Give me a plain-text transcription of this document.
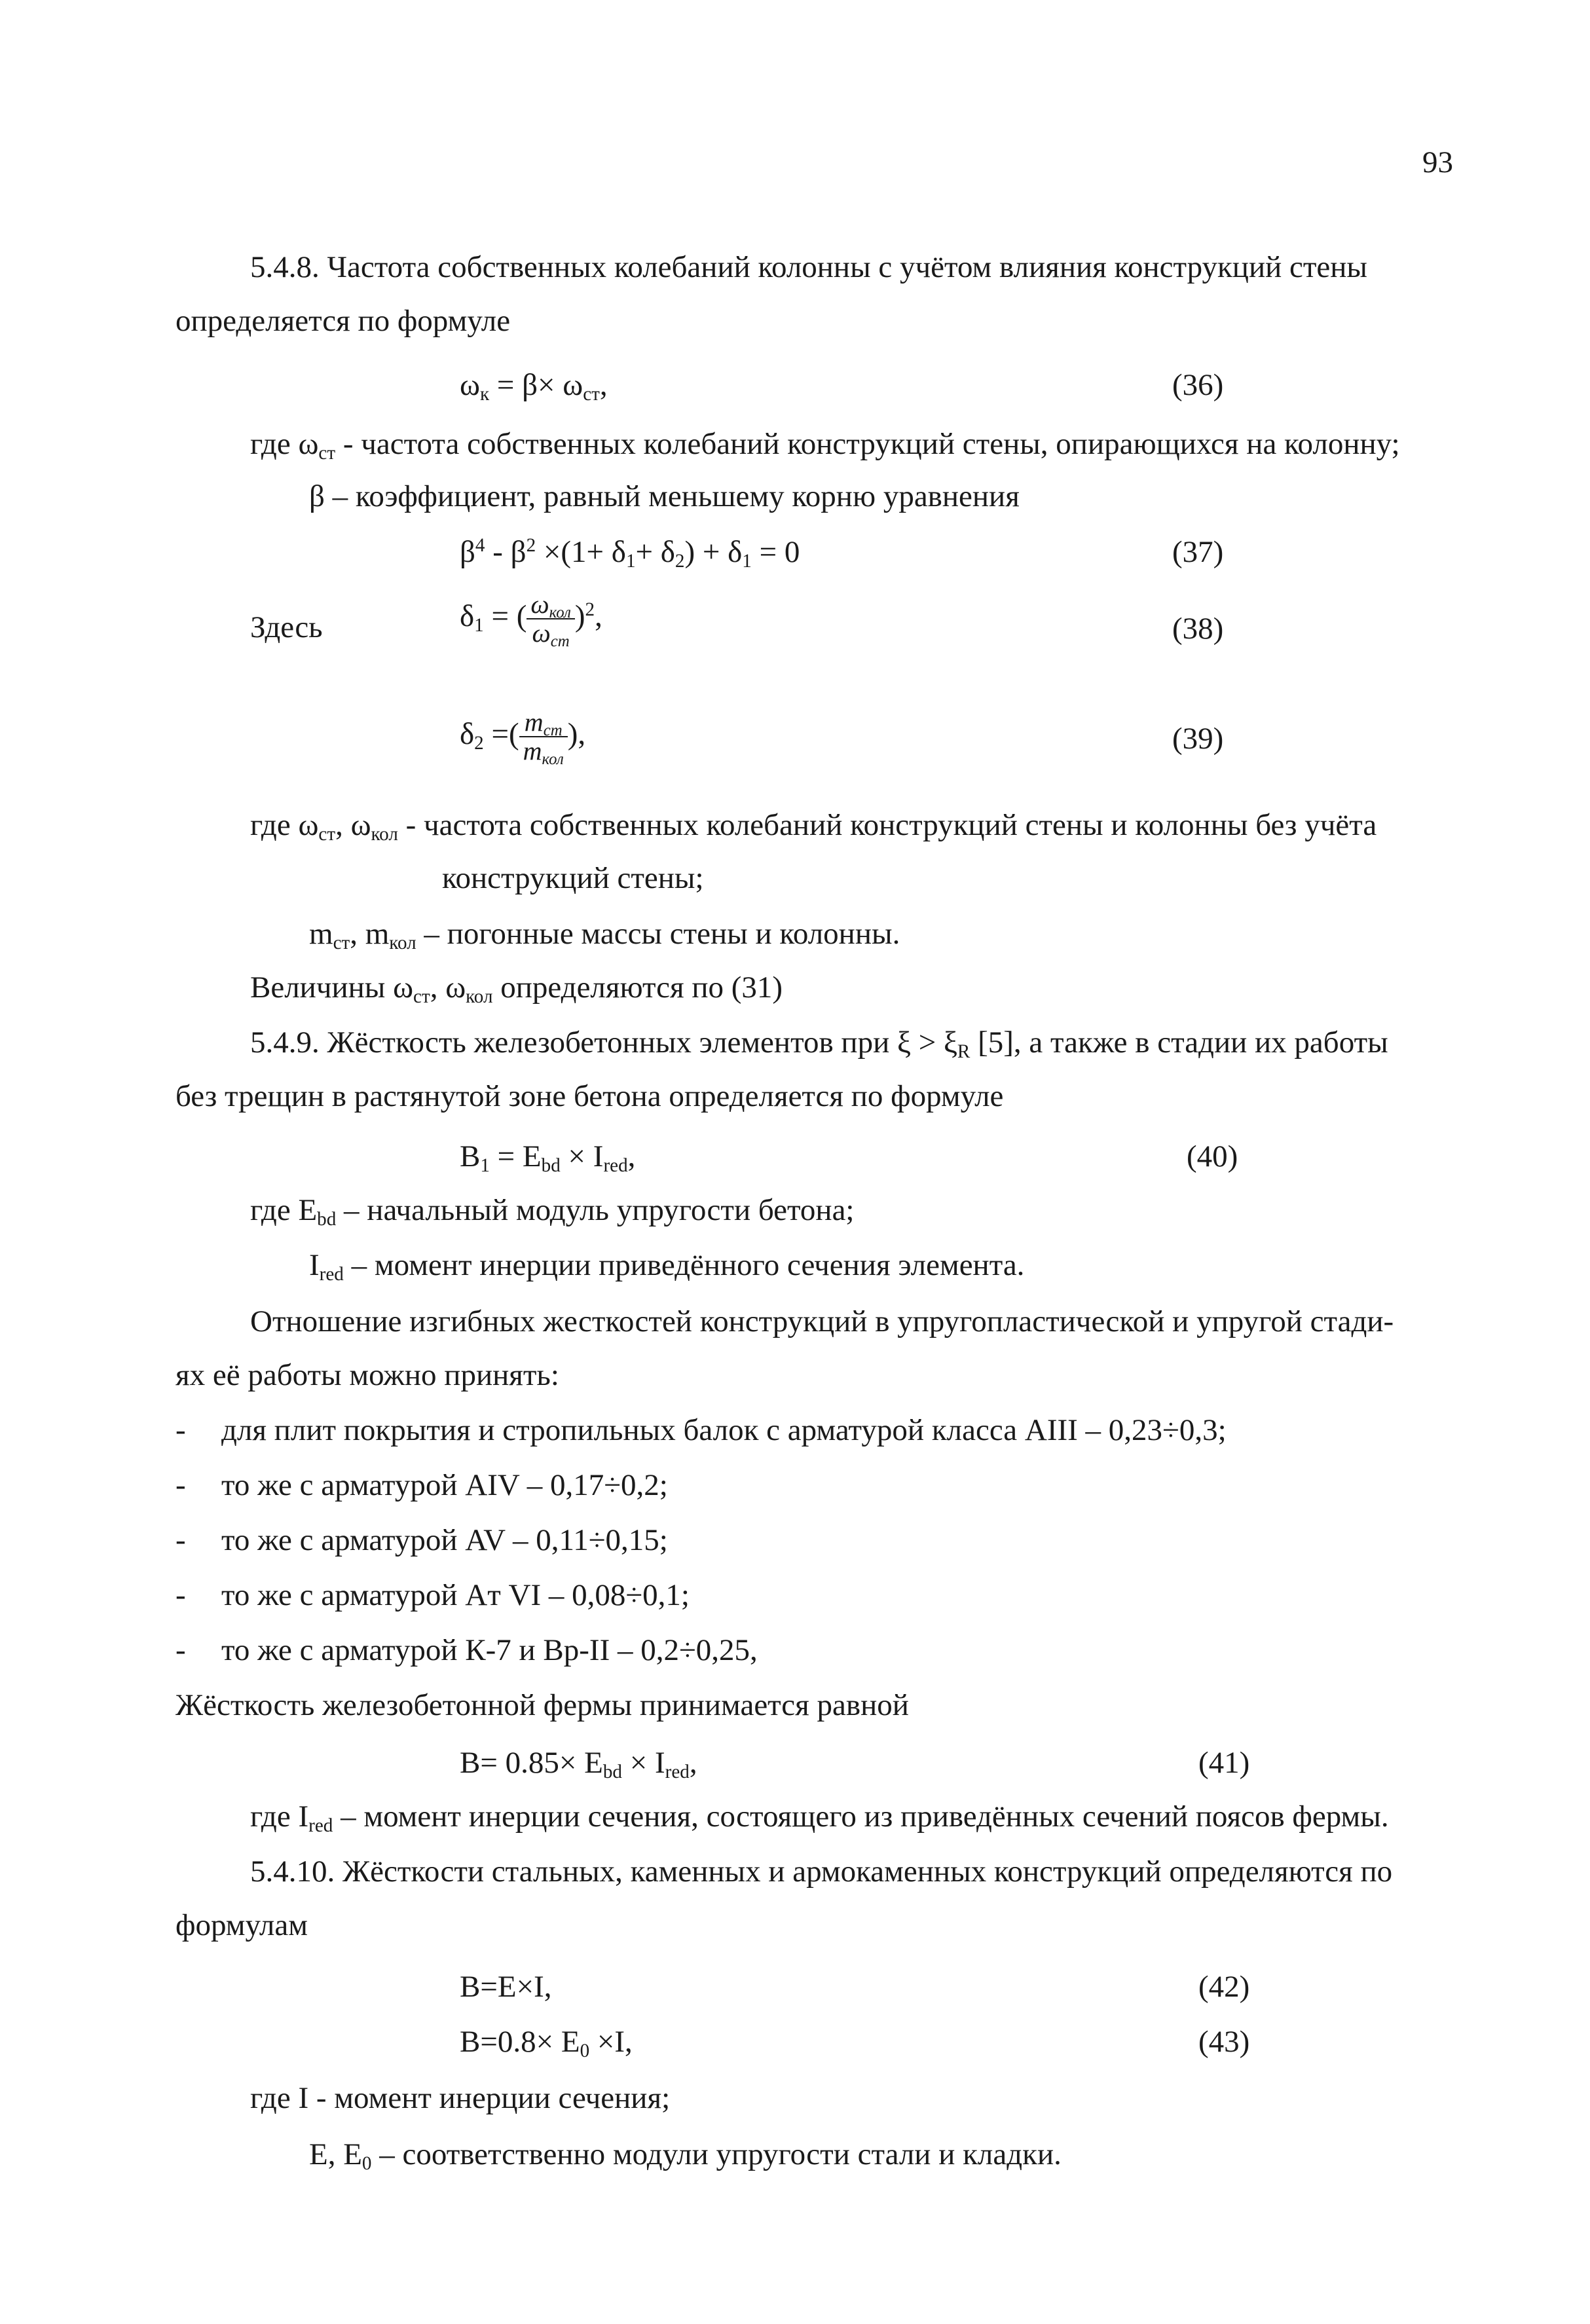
93
5.4.8. Частота собственных колебаний колонны с учётом влияния конструкций стены
определяется по формуле
$\omega_к = \beta\times \omega_{ст}$,	(36)
где $\omega_{ст}$ - частота собственных колебаний конструкций стены, опирающихся на колонну;
β – коэффициент, равный меньшему корню уравнения
$\beta^4 - \beta^2 \times(1+ \delta_1+ \delta_2) + \delta_1 = 0$	(37)
Здесь	$\delta_1$ = ( $\frac{\omega_{кол}}{\omega_{ст}} )^2$,	(38)
$\delta_2$ =( $\frac{m_{ст}}{m_{кол}}$ ),	(39)
где $\omega_{ст}$, $\omega_{кол}$ - частота собственных колебаний конструкций стены и колонны без учёта
конструкций стены;
$m_{ст}$, $m_{кол}$ – погонные массы стены и колонны.
Величины $\omega_{ст}$, $\omega_{кол}$ определяются по (31)
5.4.9. Жёсткость железобетонных элементов при $\xi > \xi_R$ [5], а также в стадии их работы
без трещин в растянутой зоне бетона определяется по формуле
$B_1 = E_{bd} \times I_{red}$,	(40)
где $E_{bd}$ – начальный модуль упругости бетона;
$I_{red}$ – момент инерции приведённого сечения элемента.
Отношение изгибных жесткостей конструкций в упругопластической и упругой стади-
ях её работы можно принять:
- для плит покрытия и стропильных балок с арматурой класса AIII – 0,23÷0,3;
- то же с арматурой AIV – 0,17÷0,2;
- то же с арматурой AV – 0,11÷0,15;
- то же с арматурой Aт VI – 0,08÷0,1;
- то же с арматурой К-7 и Вр-II – 0,2÷0,25,
Жёсткость железобетонной фермы принимается равной
$B= 0.85\times E_{bd} \times I_{red}$,	(41)
где $I_{red}$ – момент инерции сечения, состоящего из приведённых сечений поясов фермы.
5.4.10. Жёсткости стальных, каменных и армокаменных конструкций определяются по
формулам
B=E×I,	(42)
$B=0.8\times E_0 \times I$,	(43)
где I - момент инерции сечения;
E, $E_0$ – соответственно модули упругости стали и кладки.
